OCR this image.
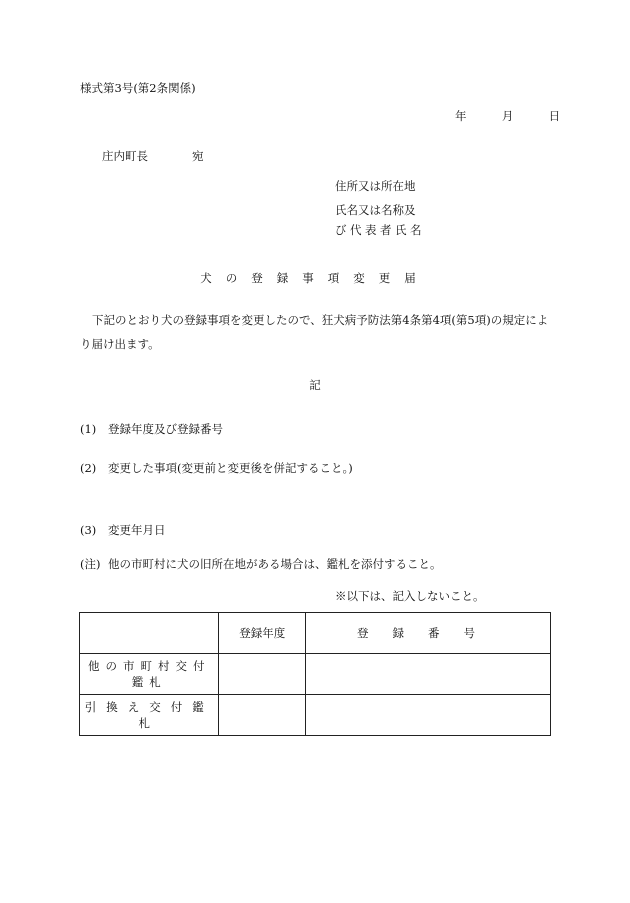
様式第3号(第2条関係)
年	月	日
庄内町長	宛
住所又は所在地
氏名又は名称及
び代表者氏名
犬の登録事項変更届
下記のとおり犬の登録事項を変更したので、狂犬病予防法第4条第4項(第5項)の規定により届け出ます。
記
(1) 登録年度及び登録番号
(2) 変更した事項(変更前と変更後を併記すること。)
(3) 変更年月日
(注) 他の市町村に犬の旧所在地がある場合は、鑑札を添付すること。
※以下は、記入しないこと。
	登録年度	登録番号
他の市町村交付鑑札		
引換え交付鑑札		
